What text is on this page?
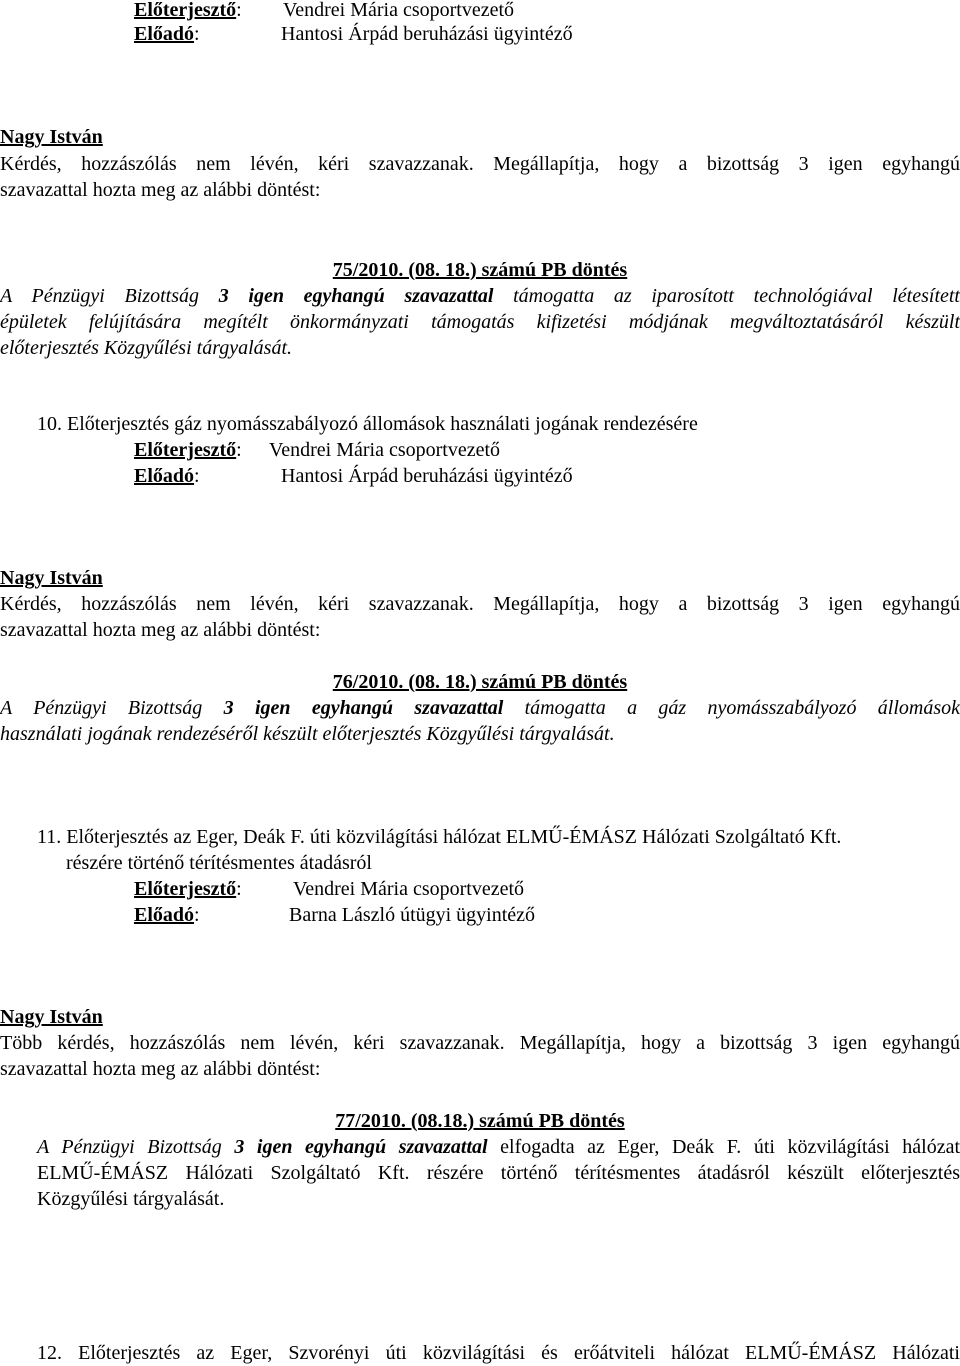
Előterjesztő: Vendrei Mária csoportvezető
Előadó:	Hantosi Árpád beruházási ügyintéző
Nagy István
Kérdés, hozzászólás nem lévén, kéri szavazzanak. Megállapítja, hogy a bizottság 3 igen egyhangú
szavazattal hozta meg az alábbi döntést:
75/2010. (08. 18.) számú PB döntés
A Pénzügyi Bizottság 3 igen egyhangú szavazattal támogatta az iparosított technológiával létesített
épületek felújítására megítélt önkormányzati támogatás kifizetési módjának megváltoztatásáról készült
előterjesztés Közgyűlési tárgyalását.
10. Előterjesztés gáz nyomásszabályozó állomások használati jogának rendezésére
Előterjesztő: Vendrei Mária csoportvezető
Előadó:	Hantosi Árpád beruházási ügyintéző
Nagy István
Kérdés, hozzászólás nem lévén, kéri szavazzanak. Megállapítja, hogy a bizottság 3 igen egyhangú
szavazattal hozta meg az alábbi döntést:
76/2010. (08. 18.) számú PB döntés
A Pénzügyi Bizottság 3 igen egyhangú szavazattal támogatta a gáz nyomásszabályozó állomások
használati jogának rendezéséről készült előterjesztés Közgyűlési tárgyalását.
11. Előterjesztés az Eger, Deák F. úti közvilágítási hálózat ELMŰ-ÉMÁSZ Hálózati Szolgáltató Kft.
részére történő térítésmentes átadásról
Előterjesztő:	Vendrei Mária csoportvezető
Előadó:	Barna László útügyi ügyintéző
Nagy István
Több kérdés, hozzászólás nem lévén, kéri szavazzanak. Megállapítja, hogy a bizottság 3 igen egyhangú
szavazattal hozta meg az alábbi döntést:
77/2010. (08.18.) számú PB döntés
A Pénzügyi Bizottság 3 igen egyhangú szavazattal elfogadta az Eger, Deák F. úti közvilágítási hálózat
ELMŰ-ÉMÁSZ Hálózati Szolgáltató Kft. részére történő térítésmentes átadásról készült előterjesztés
Közgyűlési tárgyalását.
12. Előterjesztés az Eger, Szvorényi úti közvilágítási és erőátviteli hálózat ELMŰ-ÉMÁSZ Hálózati
